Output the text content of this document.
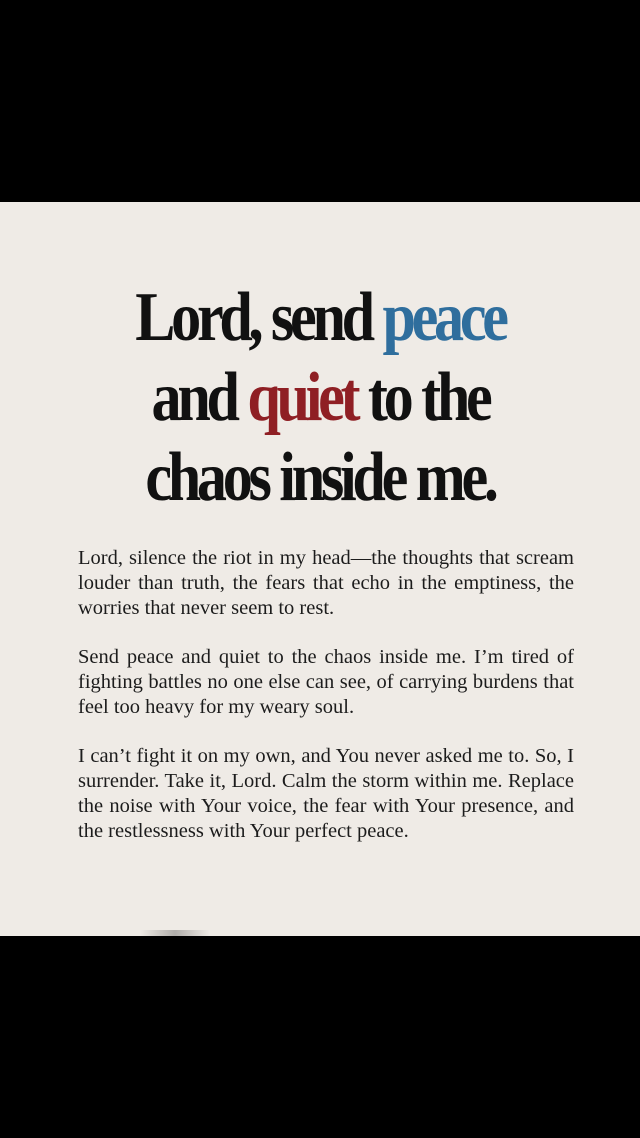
Lord, send peace
and quiet to the
chaos inside me.

Lord, silence the riot in my head—the thoughts that scream louder than truth, the fears that echo in the emptiness, the worries that never seem to rest.

Send peace and quiet to the chaos inside me. I’m tired of fighting battles no one else can see, of carrying burdens that feel too heavy for my weary soul.

I can’t fight it on my own, and You never asked me to. So, I surrender. Take it, Lord. Calm the storm within me. Replace the noise with Your voice, the fear with Your presence, and the restlessness with Your perfect peace.
